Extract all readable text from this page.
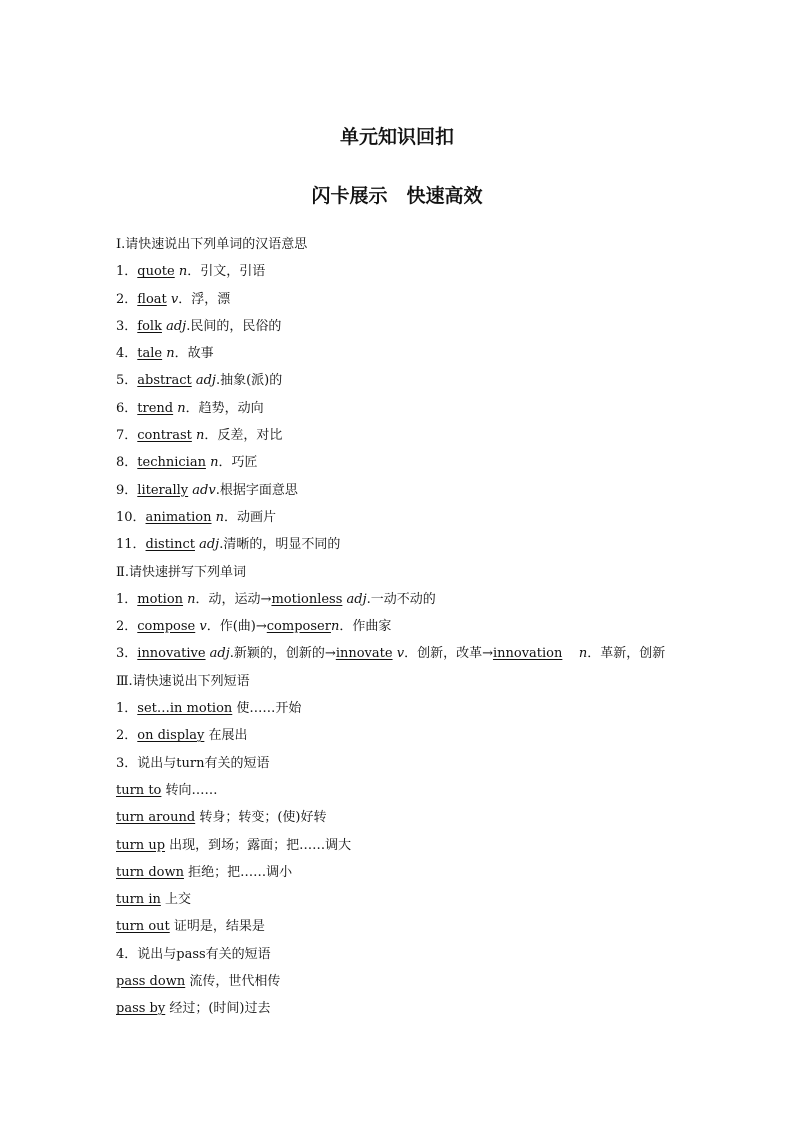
单元知识回扣
闪卡展示　快速高效
Ⅰ.请快速说出下列单词的汉语意思
1．quote n．引文，引语
2．float v．浮，漂
3．folk adj.民间的，民俗的
4．tale n．故事
5．abstract adj.抽象(派)的
6．trend n．趋势，动向
7．contrast n．反差，对比
8．technician n．巧匠
9．literally adv.根据字面意思
10．animation n．动画片
11．distinct adj.清晰的，明显不同的
Ⅱ.请快速拼写下列单词
1．motion n．动，运动→motionless adj.一动不动的
2．compose v．作(曲)→composern．作曲家
3．innovative adj.新颖的，创新的→innovate v．创新，改革→innovation n．革新，创新
Ⅲ.请快速说出下列短语
1．set…in motion 使……开始
2．on display 在展出
3．说出与turn有关的短语
turn to 转向……
turn around 转身；转变；(使)好转
turn up 出现，到场；露面；把……调大
turn down 拒绝；把……调小
turn in 上交
turn out 证明是，结果是
4．说出与pass有关的短语
pass down 流传，世代相传
pass by 经过；(时间)过去
